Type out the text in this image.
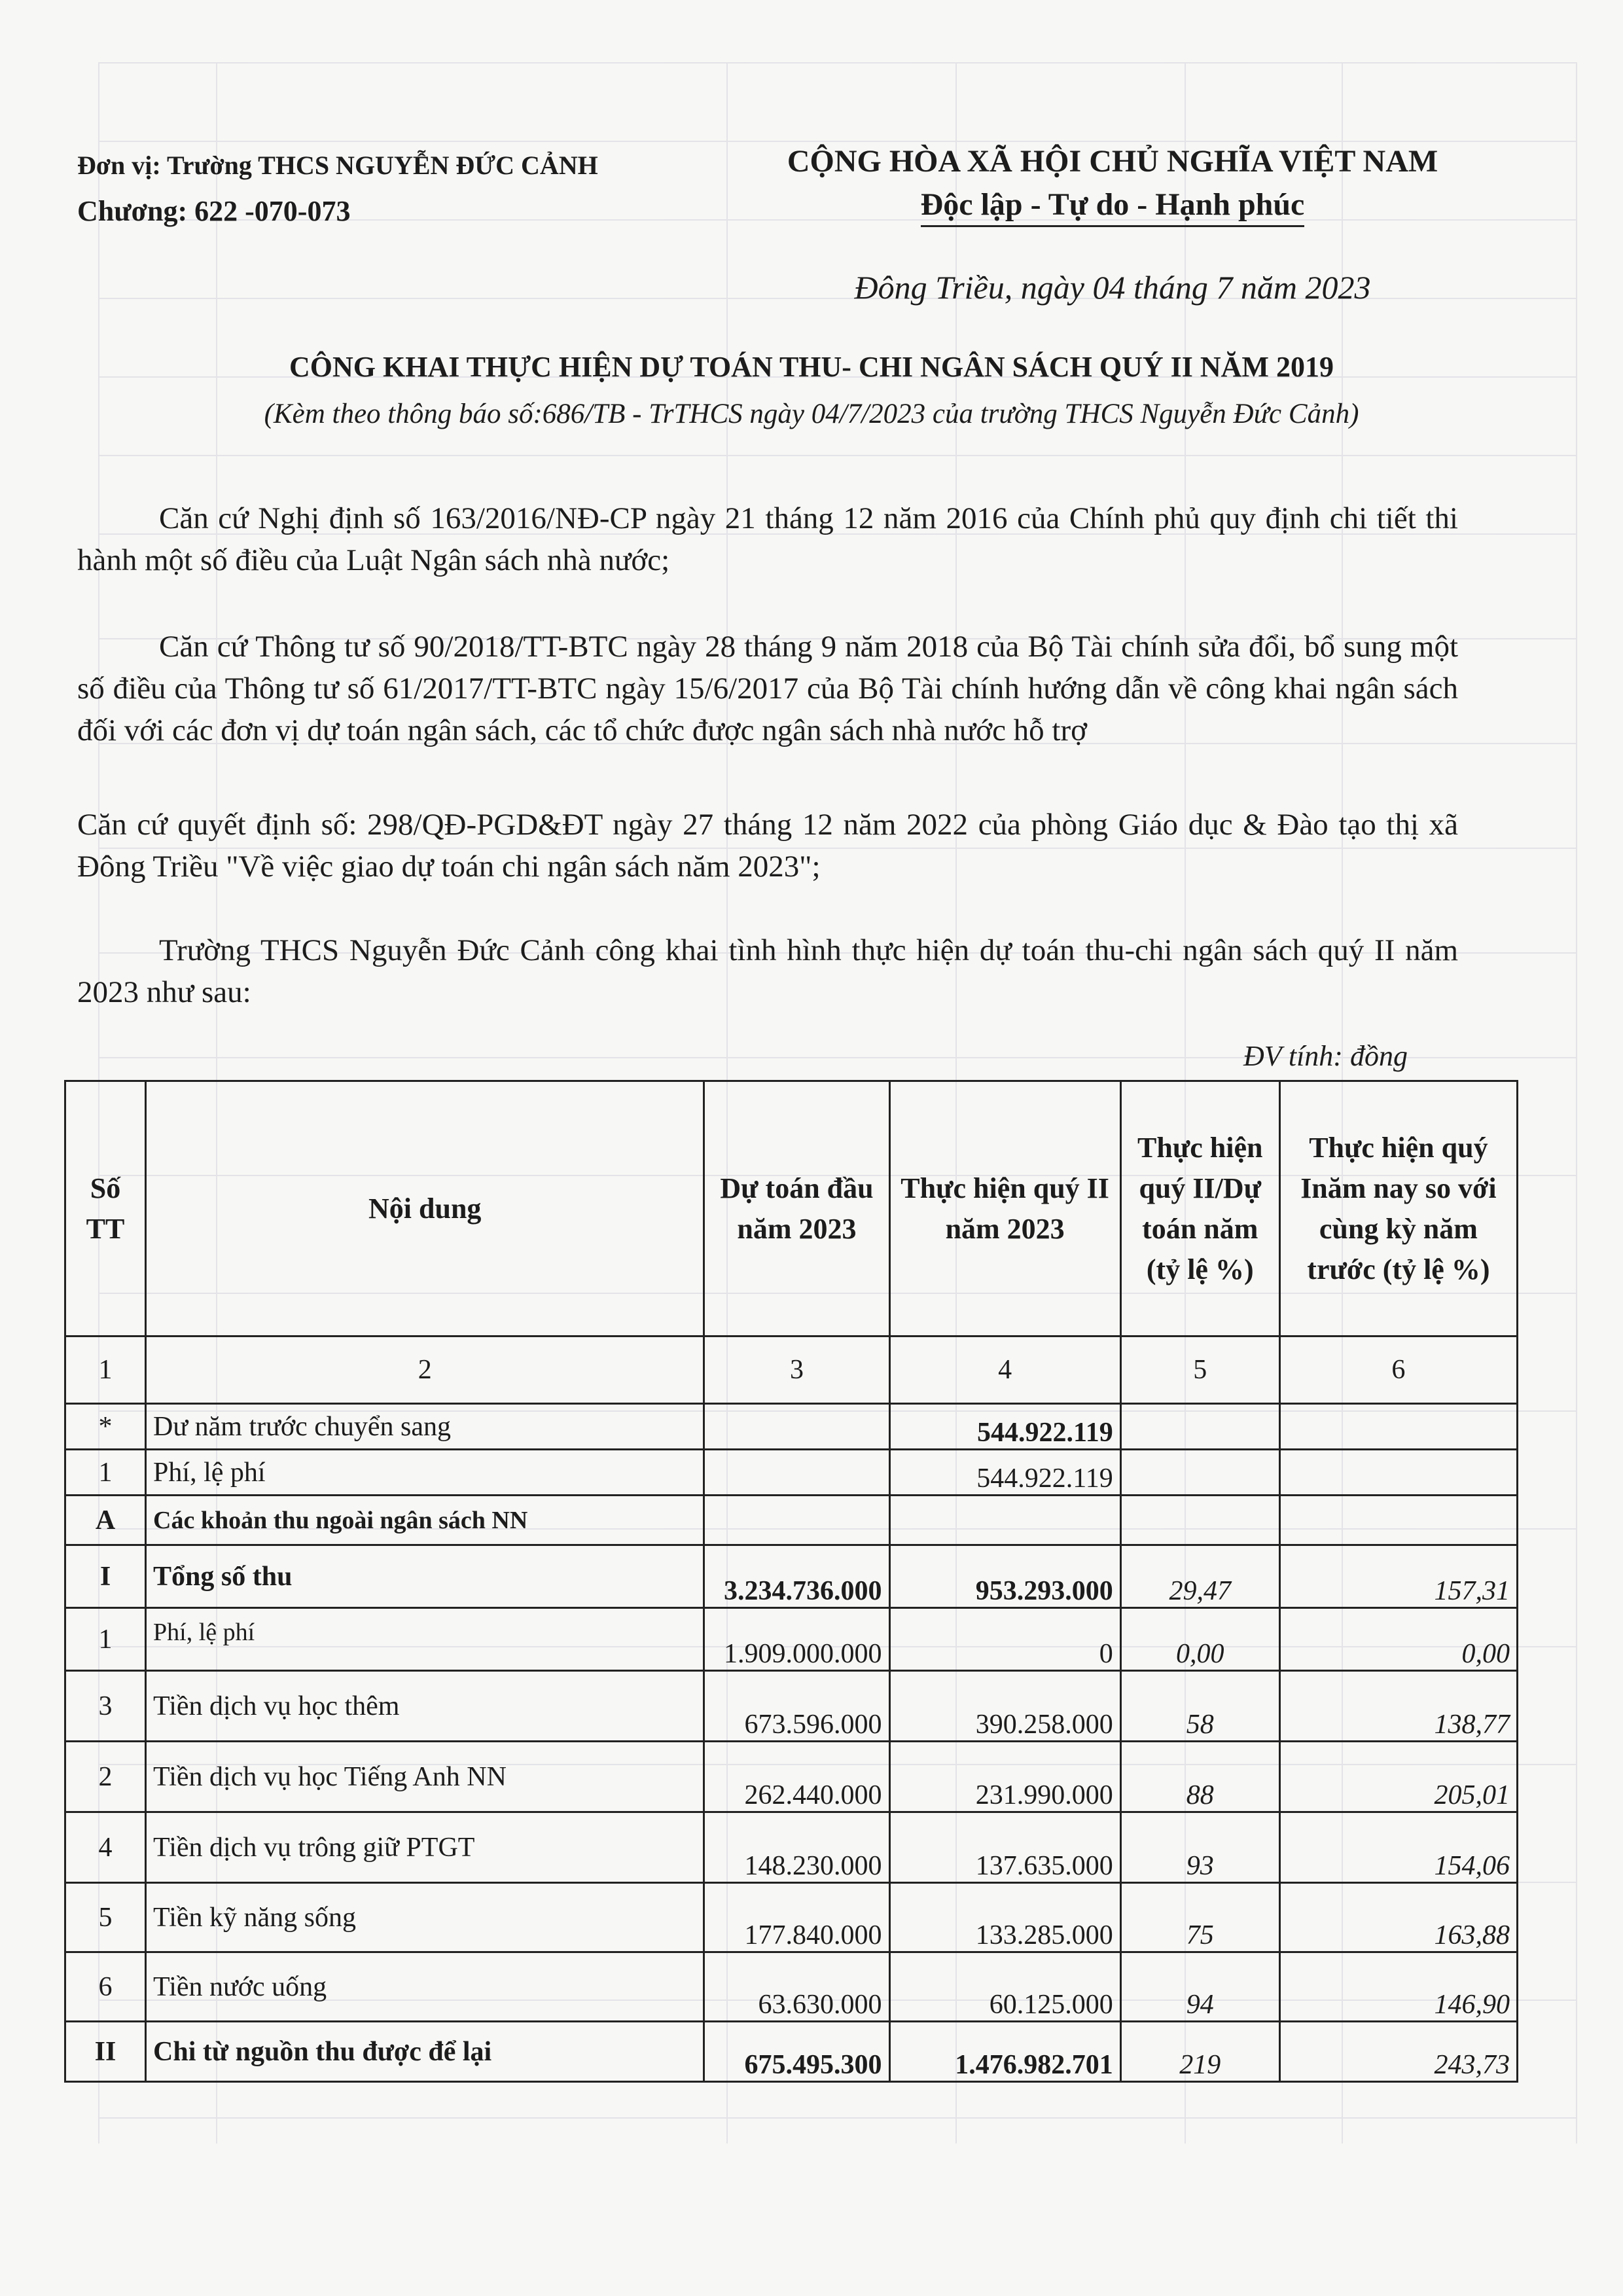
Đơn vị: Trường THCS NGUYỄN ĐỨC CẢNH
Chương: 622 -070-073
CỘNG HÒA XÃ HỘI CHỦ NGHĨA VIỆT NAM
Độc lập - Tự do - Hạnh phúc
Đông Triều, ngày 04 tháng 7 năm 2023
CÔNG KHAI THỰC HIỆN DỰ TOÁN THU- CHI NGÂN SÁCH QUÝ II NĂM 2019
(Kèm theo thông báo số:686/TB - TrTHCS ngày 04/7/2023 của trường THCS Nguyễn Đức Cảnh)
Căn cứ Nghị định số 163/2016/NĐ-CP ngày 21 tháng 12 năm 2016 của Chính phủ quy định chi tiết thi hành một số điều của Luật Ngân sách nhà nước;
Căn cứ Thông tư số 90/2018/TT-BTC ngày 28 tháng 9 năm 2018 của Bộ Tài chính sửa đổi, bổ sung một số điều của Thông tư số 61/2017/TT-BTC ngày 15/6/2017 của Bộ Tài chính hướng dẫn về công khai ngân sách đối với các đơn vị dự toán ngân sách, các tổ chức được ngân sách nhà nước hỗ trợ
Căn cứ quyết định số: 298/QĐ-PGD&ĐT ngày 27 tháng 12 năm 2022 của phòng Giáo dục & Đào tạo thị xã Đông Triều "Về việc giao dự toán chi ngân sách năm 2023";
Trường THCS Nguyễn Đức Cảnh công khai tình hình thực hiện dự toán thu-chi ngân sách quý II năm 2023 như sau:
ĐV tính: đồng
Số TT	Nội dung	Dự toán đầu năm 2023	Thực hiện quý II năm 2023	Thực hiện quý II/Dự toán năm (tỷ lệ %)	Thực hiện quý Inăm nay so với cùng kỳ năm trước (tỷ lệ %)
1	2	3	4	5	6
*	Dư năm trước chuyển sang		544.922.119		
1	Phí, lệ phí		544.922.119		
A	Các khoản thu ngoài ngân sách NN				
I	Tổng số thu	3.234.736.000	953.293.000	29,47	157,31
1	Phí, lệ phí	1.909.000.000	0	0,00	0,00
3	Tiền dịch vụ học thêm	673.596.000	390.258.000	58	138,77
2	Tiền dịch vụ học Tiếng Anh NN	262.440.000	231.990.000	88	205,01
4	Tiền dịch vụ trông giữ PTGT	148.230.000	137.635.000	93	154,06
5	Tiền kỹ năng sống	177.840.000	133.285.000	75	163,88
6	Tiền nước uống	63.630.000	60.125.000	94	146,90
II	Chi từ nguồn thu được để lại	675.495.300	1.476.982.701	219	243,73
